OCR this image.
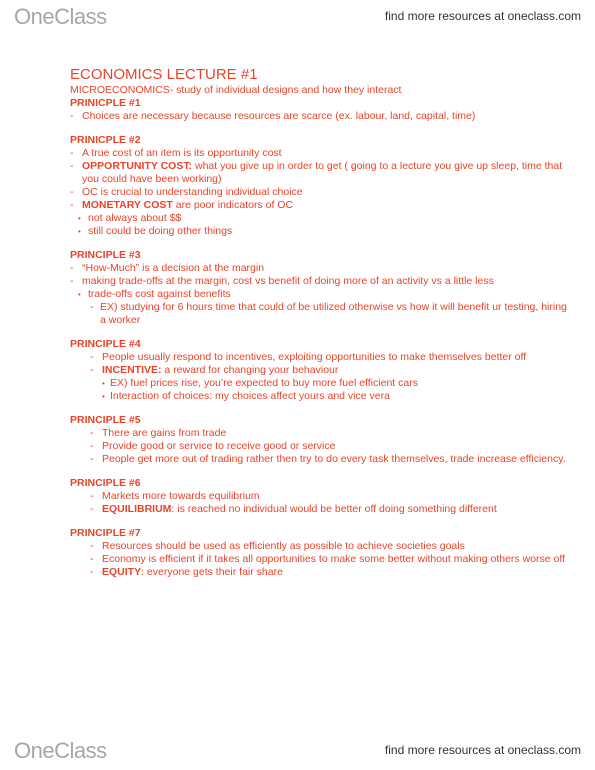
OneClass	find more resources at oneclass.com
ECONOMICS LECTURE #1
MICROECONOMICS- study of individual designs and how they interact
PRINICPLE #1
- Choices are necessary because resources are scarce (ex. labour, land, capital, time)
PRINICPLE #2
- A true cost of an item is its opportunity cost
- OPPORTUNITY COST: what you give up in order to get ( going to a lecture you give up sleep, time that you could have been working)
- OC is crucial to understanding individual choice
- MONETARY COST are poor indicators of OC
• not always about $$
• still could be doing other things
PRINCIPLE #3
- “How-Much” is a decision at the margin
- making trade-offs at the margin, cost vs benefit of doing more of an activity vs a little less
• trade-offs cost against benefits
- EX) studying for 6 hours time that could of be utilized otherwise vs how it will benefit ur testing, hiring a worker
PRINCIPLE #4
- People usually respond to incentives, exploiting opportunities to make themselves better off
- INCENTIVE: a reward for changing your behaviour
• EX) fuel prices rise, you’re expected to buy more fuel efficient cars
• Interaction of choices: my choices affect yours and vice vera
PRINCIPLE #5
- There are gains from trade
- Provide good or service to receive good or service
- People get more out of trading rather then try to do every task themselves, trade increase efficiency.
PRINCIPLE #6
- Markets more towards equilibrium
- EQUILIBRIUM: is reached no individual would be better off doing something different
PRINCIPLE #7
- Resources should be used as efficiently as possible to achieve societies goals
- Economy is efficient if it takes all opportunities to make some better without making others worse off
- EQUITY: everyone gets their fair share
OneClass	find more resources at oneclass.com
